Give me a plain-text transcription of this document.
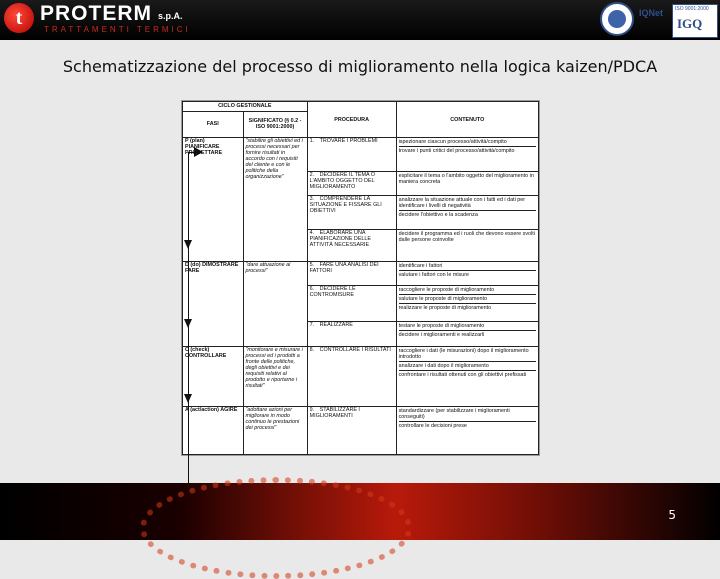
t PROTERM s.p.A.
TRATTAMENTI TERMICI
IQNet ISO 9001:2000
IGQ
Schematizzazione del processo di miglioramento nella logica kaizen/PDCA
CICLO GESTIONALE		PROCEDURA	CONTENUTO
FASI	SIGNIFICATO (§ 0.2 - ISO 9001:2000)		

P (plan) PIANIFICARE PROGETTARE	"stabilire gli obiettivi ed i processi necessari per fornire risultati in accordo con i requisiti del cliente e con le politiche della organizzazione"	1. TROVARE I PROBLEMI	ispezionare ciascun processo/attività/compito
trovare i punti critici del processo/attività/compito

		2. DECIDERE IL TEMA O L'AMBITO OGGETTO DEL MIGLIORAMENTO	esplicitare il tema o l'ambito oggetto del miglioramento in maniera concreta

		3. COMPRENDERE LA SITUAZIONE E FISSARE GLI OBIETTIVI	analizzare la situazione attuale con i fatti ed i dati per identificare i livelli di negatività
decidere l'obiettivo e la scadenza

		4. ELABORARE UNA PIANIFICAZIONE DELLE ATTIVITÀ NECESSARIE	decidere il programma ed i ruoli che devono essere svolti dalle persone coinvolte

D (do) DIMOSTRARE FARE	"dare attuazione ai processi"	5. FARE UNA ANALISI DEI FATTORI	identificare i fattori
valutare i fattori con le misure

		6. DECIDERE LE CONTROMISURE	raccogliere le proposte di miglioramento
valutare le proposte di miglioramento
realizzare le proposte di miglioramento

		7. REALIZZARE	testare le proposte di miglioramento
decidere i miglioramenti e realizzarli

C (check) CONTROLLARE	"monitorare e misurare i processi ed i prodotti a fronte delle politiche, degli obiettivi e dei requisiti relativi al prodotto e riportarne i risultati"	8. CONTROLLARE I RISULTATI	raccogliere i dati (le misurazioni) dopo il miglioramento introdotto
analizzare i dati dopo il miglioramento
confrontare i risultati ottenuti con gli obiettivi prefissati

A (act/action) AGIRE	"adottare azioni per migliorare in modo continuo le prestazioni dei processi"	9. STABILIZZARE I MIGLIORAMENTI	standardizzare (per stabilizzare i miglioramenti conseguiti)
controllare le decisioni prese
5
